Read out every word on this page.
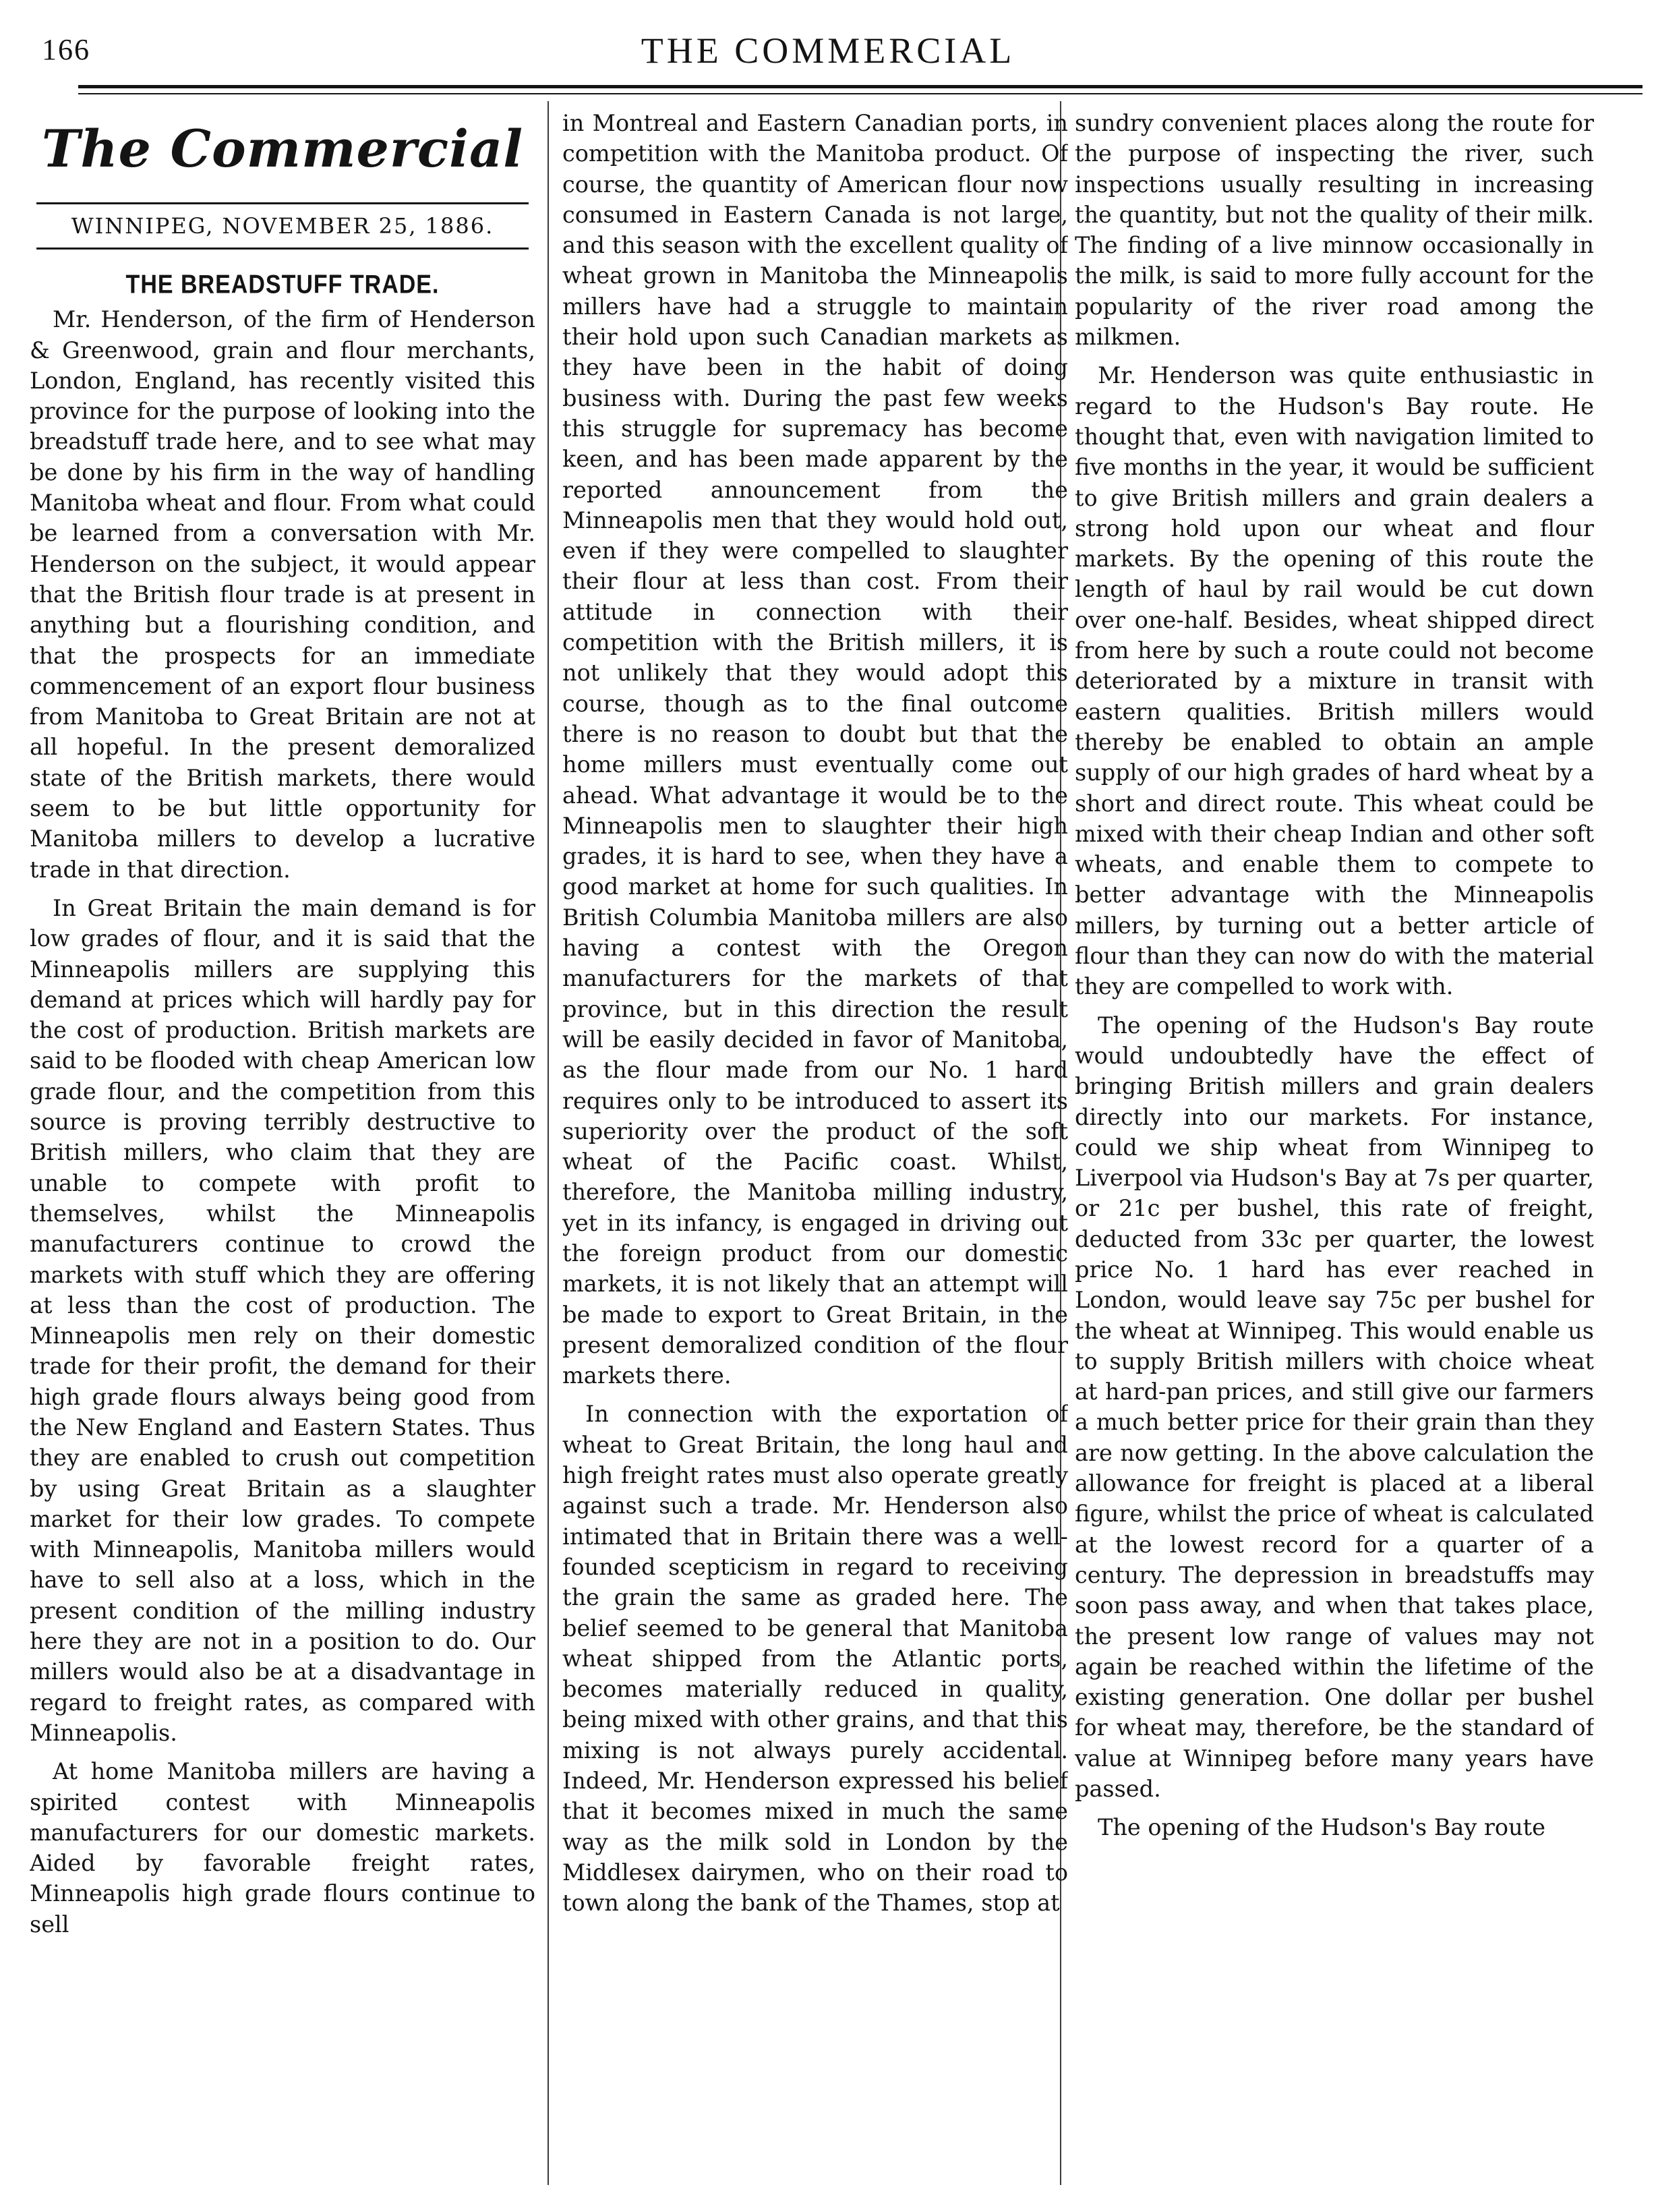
166	THE COMMERCIAL
The Commercial
WINNIPEG, NOVEMBER 25, 1886.
THE BREADSTUFF TRADE.

Mr. Henderson, of the firm of Henderson & Greenwood, grain and flour merchants, London, England, has recently visited this province for the purpose of looking into the breadstuff trade here, and to see what may be done by his firm in the way of handling Manitoba wheat and flour. From what could be learned from a conversation with Mr. Henderson on the subject, it would appear that the British flour trade is at present in anything but a flourishing condition, and that the prospects for an immediate commencement of an export flour business from Manitoba to Great Britain are not at all hopeful. In the present demoralized state of the British markets, there would seem to be but little opportunity for Manitoba millers to develop a lucrative trade in that direction.

In Great Britain the main demand is for low grades of flour, and it is said that the Minneapolis millers are supplying this demand at prices which will hardly pay for the cost of production. British markets are said to be flooded with cheap American low grade flour, and the competition from this source is proving terribly destructive to British millers, who claim that they are unable to compete with profit to themselves, whilst the Minneapolis manufacturers continue to crowd the markets with stuff which they are offering at less than the cost of production. The Minneapolis men rely on their domestic trade for their profit, the demand for their high grade flours always being good from the New England and Eastern States. Thus they are enabled to crush out competition by using Great Britain as a slaughter market for their low grades. To compete with Minneapolis, Manitoba millers would have to sell also at a loss, which in the present condition of the milling industry here they are not in a position to do. Our millers would also be at a disadvantage in regard to freight rates, as compared with Minneapolis.

At home Manitoba millers are having a spirited contest with Minneapolis manufacturers for our domestic markets. Aided by favorable freight rates, Minneapolis high grade flours continue to sell

in Montreal and Eastern Canadian ports, in competition with the Manitoba product. Of course, the quantity of American flour now consumed in Eastern Canada is not large, and this season with the excellent quality of wheat grown in Manitoba the Minneapolis millers have had a struggle to maintain their hold upon such Canadian markets as they have been in the habit of doing business with. During the past few weeks this struggle for supremacy has become keen, and has been made apparent by the reported announcement from the Minneapolis men that they would hold out, even if they were compelled to slaughter their flour at less than cost. From their attitude in connection with their competition with the British millers, it is not unlikely that they would adopt this course, though as to the final outcome there is no reason to doubt but that the home millers must eventually come out ahead. What advantage it would be to the Minneapolis men to slaughter their high grades, it is hard to see, when they have a good market at home for such qualities. In British Columbia Manitoba millers are also having a contest with the Oregon manufacturers for the markets of that province, but in this direction the result will be easily decided in favor of Manitoba, as the flour made from our No. 1 hard requires only to be introduced to assert its superiority over the product of the soft wheat of the Pacific coast. Whilst, therefore, the Manitoba milling industry, yet in its infancy, is engaged in driving out the foreign product from our domestic markets, it is not likely that an attempt will be made to export to Great Britain, in the present demoralized condition of the flour markets there.

In connection with the exportation of wheat to Great Britain, the long haul and high freight rates must also operate greatly against such a trade. Mr. Henderson also intimated that in Britain there was a well-founded scepticism in regard to receiving the grain the same as graded here. The belief seemed to be general that Manitoba wheat shipped from the Atlantic ports, becomes materially reduced in quality, being mixed with other grains, and that this mixing is not always purely accidental. Indeed, Mr. Henderson expressed his belief that it becomes mixed in much the same way as the milk sold in London by the Middlesex dairymen, who on their road to town along the bank of the Thames, stop at

sundry convenient places along the route for the purpose of inspecting the river, such inspections usually resulting in increasing the quantity, but not the quality of their milk. The finding of a live minnow occasionally in the milk, is said to more fully account for the popularity of the river road among the milkmen.

Mr. Henderson was quite enthusiastic in regard to the Hudson's Bay route. He thought that, even with navigation limited to five months in the year, it would be sufficient to give British millers and grain dealers a strong hold upon our wheat and flour markets. By the opening of this route the length of haul by rail would be cut down over one-half. Besides, wheat shipped direct from here by such a route could not become deteriorated by a mixture in transit with eastern qualities. British millers would thereby be enabled to obtain an ample supply of our high grades of hard wheat by a short and direct route. This wheat could be mixed with their cheap Indian and other soft wheats, and enable them to compete to better advantage with the Minneapolis millers, by turning out a better article of flour than they can now do with the material they are compelled to work with.

The opening of the Hudson's Bay route would undoubtedly have the effect of bringing British millers and grain dealers directly into our markets. For instance, could we ship wheat from Winnipeg to Liverpool via Hudson's Bay at 7s per quarter, or 21c per bushel, this rate of freight, deducted from 33c per quarter, the lowest price No. 1 hard has ever reached in London, would leave say 75c per bushel for the wheat at Winnipeg. This would enable us to supply British millers with choice wheat at hard-pan prices, and still give our farmers a much better price for their grain than they are now getting. In the above calculation the allowance for freight is placed at a liberal figure, whilst the price of wheat is calculated at the lowest record for a quarter of a century. The depression in breadstuffs may soon pass away, and when that takes place, the present low range of values may not again be reached within the lifetime of the existing generation. One dollar per bushel for wheat may, therefore, be the standard of value at Winnipeg before many years have passed.

The opening of the Hudson's Bay route
